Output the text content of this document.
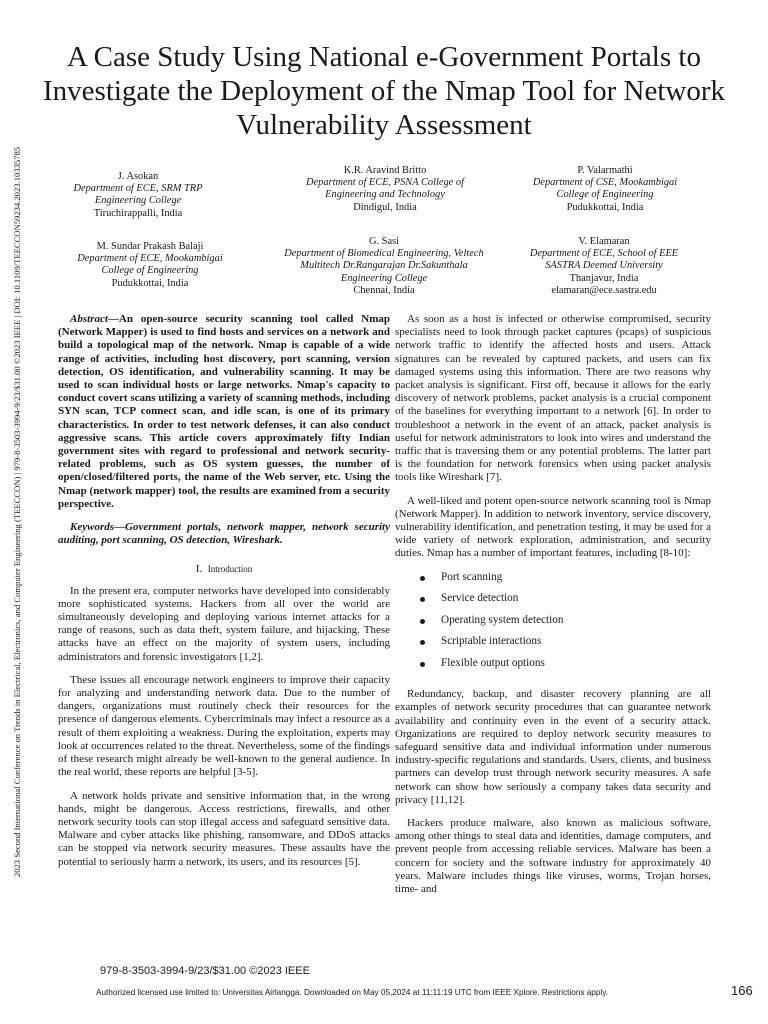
A Case Study Using National e-Government Portals to Investigate the Deployment of the Nmap Tool for Network Vulnerability Assessment
2023 Second International Conference on Trends in Electrical, Electronics, and Computer Engineering (TEECCON) | 979-8-3503-3994-9/23/$31.00 ©2023 IEEE | DOI: 10.1109/TEECCON59234.2023.10335785	J. Asokan
Department of ECE, SRM TRP Engineering College
Tiruchirappalli, India
K.R. Aravind Britto
Department of ECE, PSNA College of Engineering and Technology
Dindigul, India
P. Valarmathi
Department of CSE, Mookambigai College of Engineering
Pudukkottai, India
M. Sundar Prakash Balaji
Department of ECE, Mookambigai College of Engineering
Pudukkottai, India
G. Sasi
Department of Biomedical Engineering, Veltech Multitech Dr.Rangarajan Dr.Sakunthala Engineering College
Chennai, India
V. Elamaran
Department of ECE, School of EEE SASTRA Deemed University
Thanjavur, India
elamaran@ece.sastra.edu

Abstract—An open-source security scanning tool called Nmap (Network Mapper) is used to find hosts and services on a network and build a topological map of the network. Nmap is capable of a wide range of activities, including host discovery, port scanning, version detection, OS identification, and vulnerability scanning. It may be used to scan individual hosts or large networks. Nmap's capacity to conduct covert scans utilizing a variety of scanning methods, including SYN scan, TCP connect scan, and idle scan, is one of its primary characteristics. In order to test network defenses, it can also conduct aggressive scans. This article covers approximately fifty Indian government sites with regard to professional and network security-related problems, such as OS system guesses, the number of open/closed/filtered ports, the name of the Web server, etc. Using the Nmap (network mapper) tool, the results are examined from a security perspective.

Keywords—Government portals, network mapper, network security auditing, port scanning, OS detection, Wireshark.

I. Introduction

In the present era, computer networks have developed into considerably more sophisticated systems. Hackers from all over the world are simultaneously developing and deploying various internet attacks for a range of reasons, such as data theft, system failure, and hijacking. These attacks have an effect on the majority of system users, including administrators and forensic investigators [1,2].

These issues all encourage network engineers to improve their capacity for analyzing and understanding network data. Due to the number of dangers, organizations must routinely check their resources for the presence of dangerous elements. Cybercriminals may infect a resource as a result of them exploiting a weakness. During the exploitation, experts may look at occurrences related to the threat. Nevertheless, some of the findings of these research might already be well-known to the general audience. In the real world, these reports are helpful [3-5].

A network holds private and sensitive information that, in the wrong hands, might be dangerous. Access restrictions, firewalls, and other network security tools can stop illegal access and safeguard sensitive data. Malware and cyber attacks like phishing, ransomware, and DDoS attacks can be stopped via network security measures. These assaults have the potential to seriously harm a network, its users, and its resources [5].

As soon as a host is infected or otherwise compromised, security specialists need to look through packet captures (pcaps) of suspicious network traffic to identify the affected hosts and users. Attack signatures can be revealed by captured packets, and users can fix damaged systems using this information. There are two reasons why packet analysis is significant. First off, because it allows for the early discovery of network problems, packet analysis is a crucial component of the baselines for everything important to a network [6]. In order to troubleshoot a network in the event of an attack, packet analysis is useful for network administrators to look into wires and understand the traffic that is traversing them or any potential problems. The latter part is the foundation for network forensics when using packet analysis tools like Wireshark [7].

A well-liked and potent open-source network scanning tool is Nmap (Network Mapper). In addition to network inventory, service discovery, vulnerability identification, and penetration testing, it may be used for a wide variety of network exploration, administration, and security duties. Nmap has a number of important features, including [8-10]:

Port scanning
Service detection
Operating system detection
Scriptable interactions
Flexible output options

Redundancy, backup, and disaster recovery planning are all examples of network security procedures that can guarantee network availability and continuity even in the event of a security attack. Organizations are required to deploy network security measures to safeguard sensitive data and individual information under numerous industry-specific regulations and standards. Users, clients, and business partners can develop trust through network security measures. A safe network can show how seriously a company takes data security and privacy [11,12].

Hackers produce malware, also known as malicious software, among other things to steal data and identities, damage computers, and prevent people from accessing reliable services. Malware has been a concern for society and the software industry for approximately 40 years. Malware includes things like viruses, worms, Trojan horses, time- and

979-8-3503-3994-9/23/$31.00 ©2023 IEEE
Authorized licensed use limited to: Universitas Airlangga. Downloaded on May 05,2024 at 11:11:19 UTC from IEEE Xplore. Restrictions apply.	166
